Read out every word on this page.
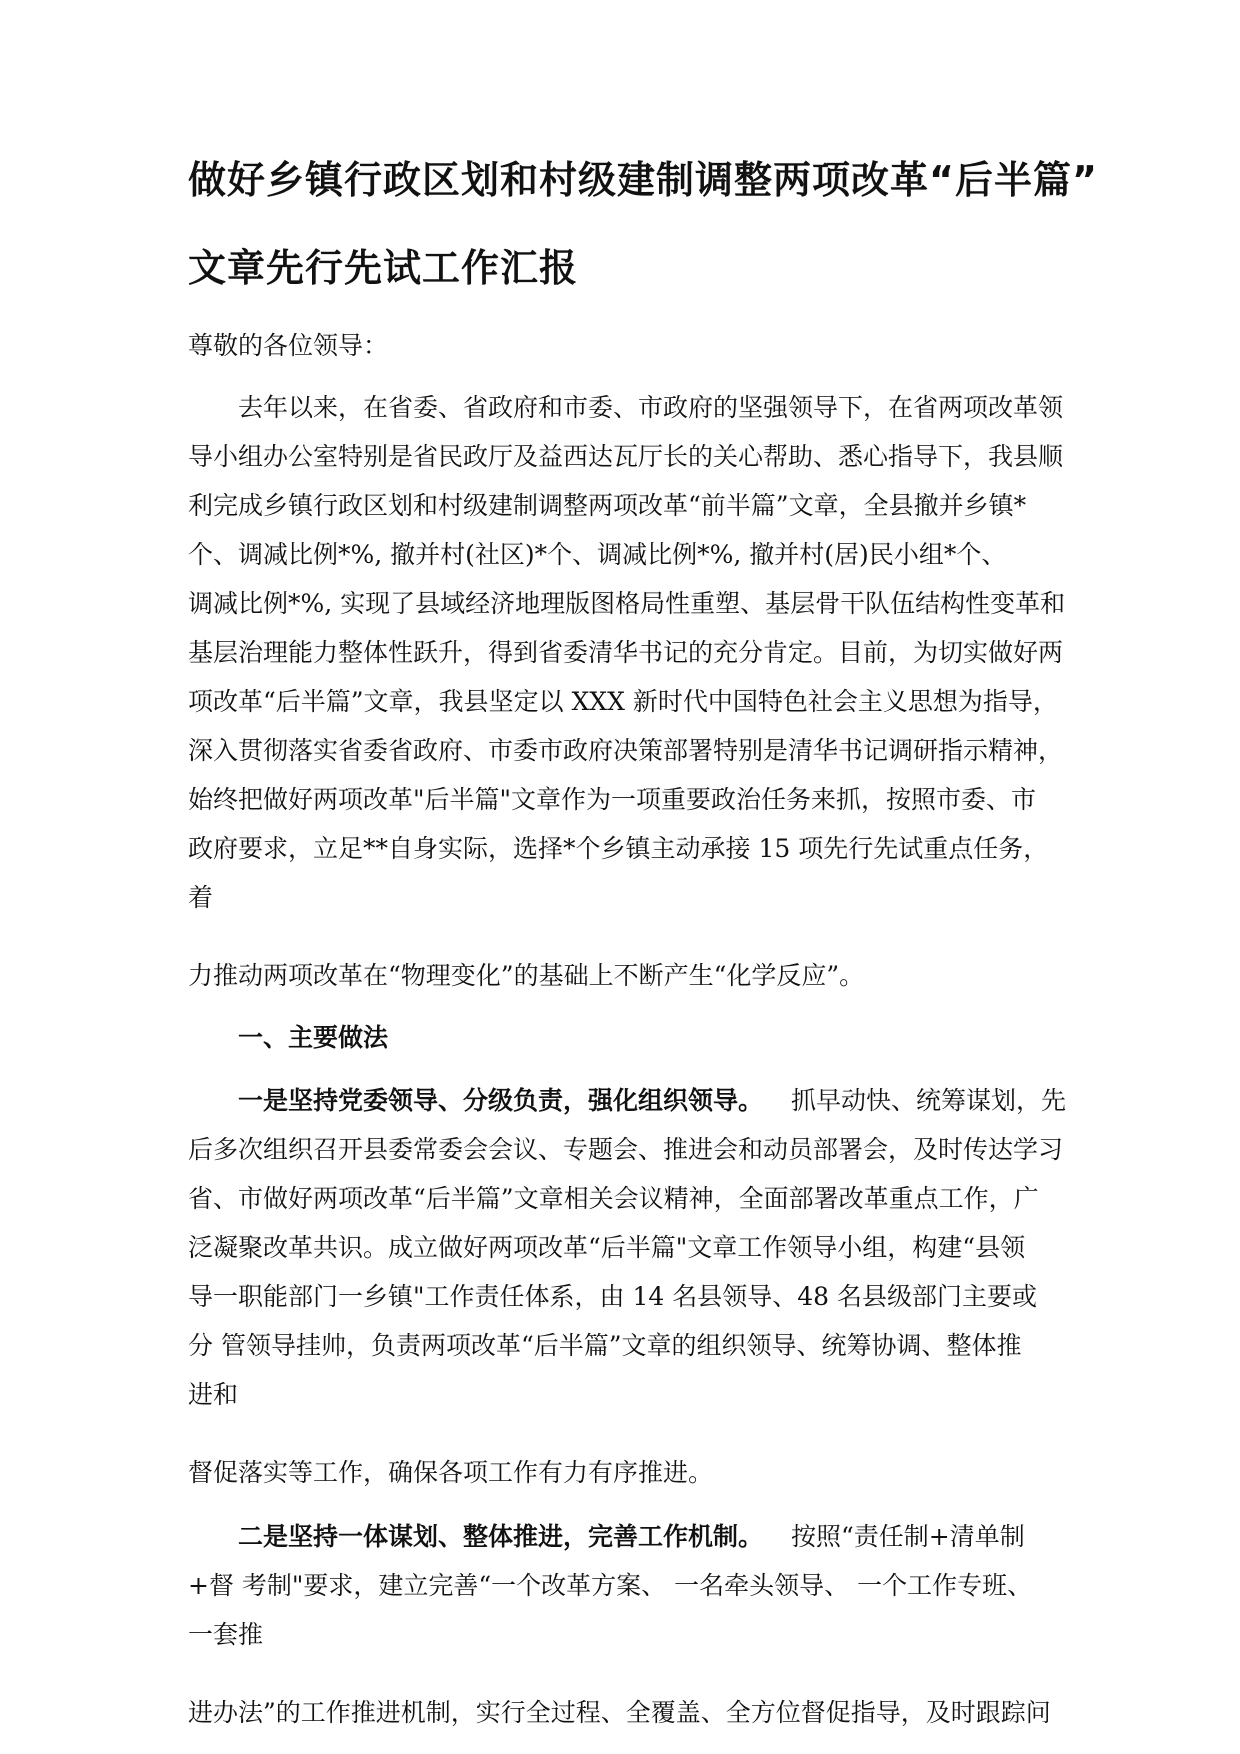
做好乡镇行政区划和村级建制调整两项改革“后半篇”
文章先行先试工作汇报

尊敬的各位领导：

去年以来，在省委、省政府和市委、市政府的坚强领导下，在省两项改革领

导小组办公室特别是省民政厅及益西达瓦厅长的关心帮助、悉心指导下，我县顺

利完成乡镇行政区划和村级建制调整两项改革“前半篇”文章，全县撤并乡镇*

个、调减比例*%, 撤并村(社区)*个、调减比例*%, 撤并村(居)民小组*个、

调减比例*%, 实现了县域经济地理版图格局性重塑、基层骨干队伍结构性变革和

基层治理能力整体性跃升，得到省委清华书记的充分肯定。目前，为切实做好两

项改革“后半篇”文章，我县坚定以 XXX 新时代中国特色社会主义思想为指导，

深入贯彻落实省委省政府、市委市政府决策部署特别是清华书记调研指示精神，

始终把做好两项改革"后半篇"文章作为一项重要政治任务来抓，按照市委、市

政府要求，立足**自身实际，选择*个乡镇主动承接 15 项先行先试重点任务，

着

力推动两项改革在“物理变化”的基础上不断产生“化学反应”。

一、主要做法

一是坚持党委领导、分级负责，强化组织领导。 抓早动快、统筹谋划，先

后多次组织召开县委常委会会议、专题会、推进会和动员部署会，及时传达学习

省、市做好两项改革“后半篇”文章相关会议精神，全面部署改革重点工作，广

泛凝聚改革共识。成立做好两项改革“后半篇"文章工作领导小组，构建“县领

导一职能部门一乡镇"工作责任体系，由 14 名县领导、48 名县级部门主要或

分 管领导挂帅，负责两项改革“后半篇”文章的组织领导、统筹协调、整体推

进和

督促落实等工作，确保各项工作有力有序推进。

二是坚持一体谋划、整体推进，完善工作机制。 按照“责任制+清单制

+督 考制"要求，建立完善“一个改革方案、 一名牵头领导、 一个工作专班、

一套推

进办法”的工作推进机制，实行全过程、全覆盖、全方位督促指导，及时跟踪问
